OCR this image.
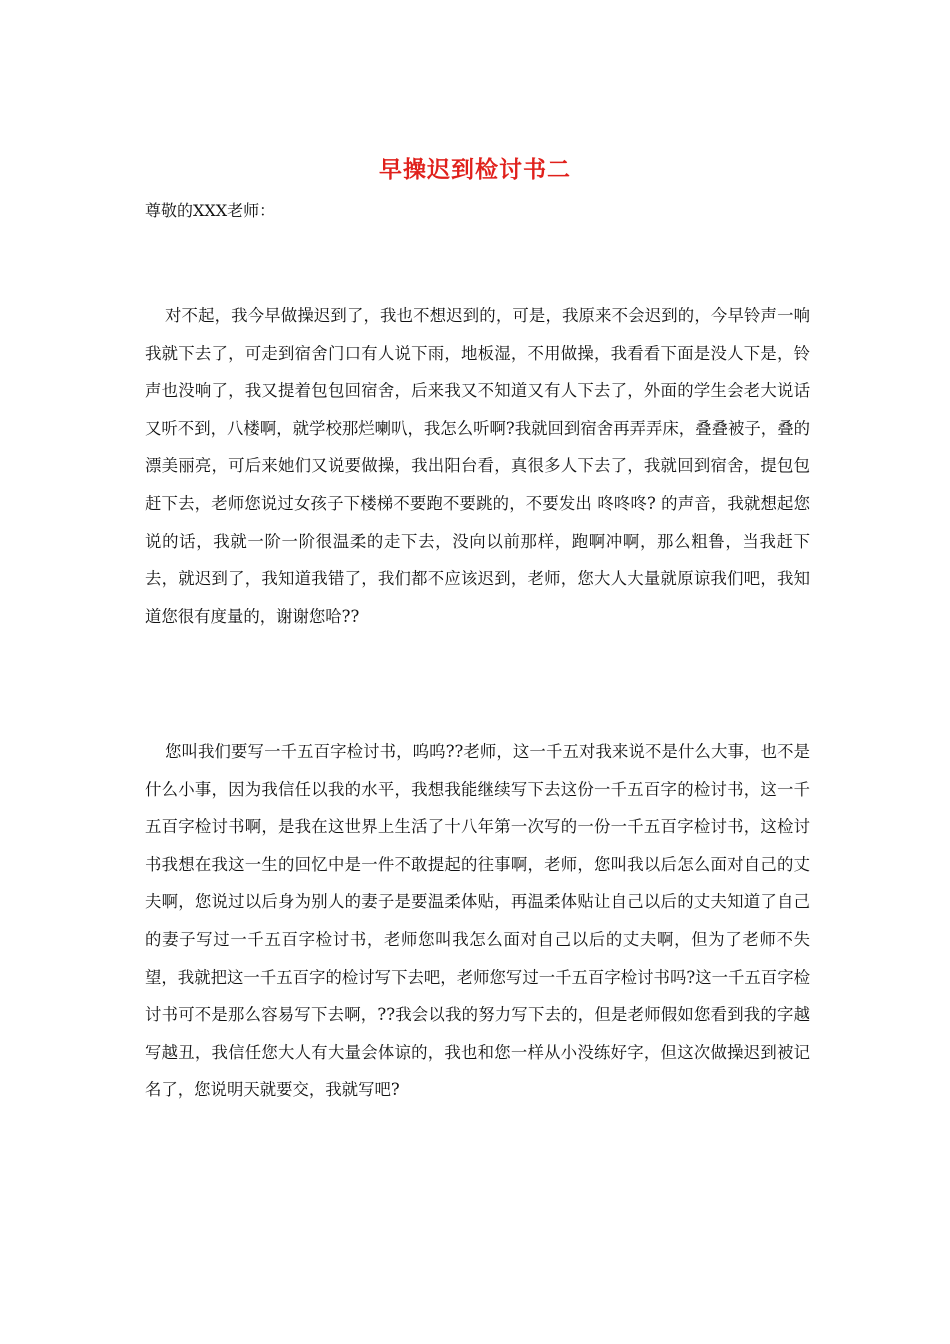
早操迟到检讨书二
尊敬的XXX老师：

对不起，我今早做操迟到了，我也不想迟到的，可是，我原来不会迟到的，今早铃声一响我就下去了，可走到宿舍门口有人说下雨，地板湿，不用做操，我看看下面是没人下是，铃声也没响了，我又提着包包回宿舍，后来我又不知道又有人下去了，外面的学生会老大说话又听不到，八楼啊，就学校那烂喇叭，我怎么听啊?我就回到宿舍再弄弄床，叠叠被子，叠的漂美丽亮，可后来她们又说要做操，我出阳台看，真很多人下去了，我就回到宿舍，提包包赶下去，老师您说过女孩子下楼梯不要跑不要跳的，不要发出 咚咚咚? 的声音，我就想起您说的话，我就一阶一阶很温柔的走下去，没向以前那样，跑啊冲啊，那么粗鲁，当我赶下去，就迟到了，我知道我错了，我们都不应该迟到，老师，您大人大量就原谅我们吧，我知道您很有度量的，谢谢您哈??

您叫我们要写一千五百字检讨书，呜呜??老师，这一千五对我来说不是什么大事，也不是什么小事，因为我信任以我的水平，我想我能继续写下去这份一千五百字的检讨书，这一千五百字检讨书啊，是我在这世界上生活了十八年第一次写的一份一千五百字检讨书，这检讨书我想在我这一生的回忆中是一件不敢提起的往事啊，老师，您叫我以后怎么面对自己的丈夫啊，您说过以后身为别人的妻子是要温柔体贴，再温柔体贴让自己以后的丈夫知道了自己的妻子写过一千五百字检讨书，老师您叫我怎么面对自己以后的丈夫啊，但为了老师不失望，我就把这一千五百字的检讨写下去吧，老师您写过一千五百字检讨书吗?这一千五百字检讨书可不是那么容易写下去啊，??我会以我的努力写下去的，但是老师假如您看到我的字越写越丑，我信任您大人有大量会体谅的，我也和您一样从小没练好字，但这次做操迟到被记名了，您说明天就要交，我就写吧?
